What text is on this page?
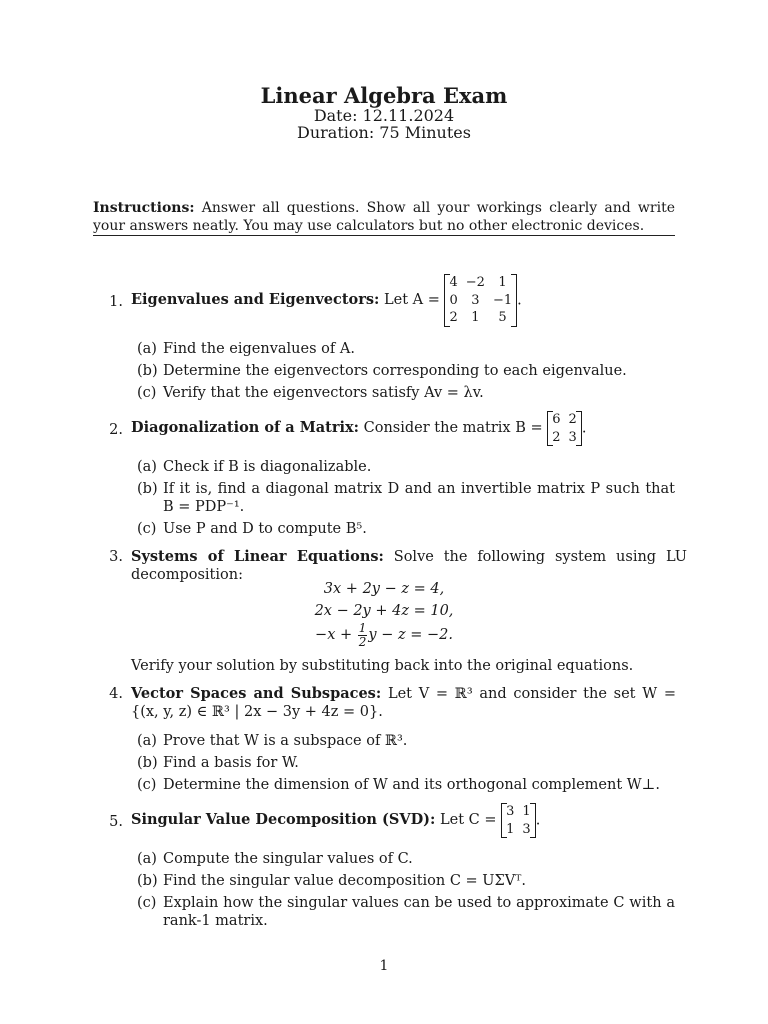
Linear Algebra Exam
Date: 12.11.2024
Duration: 75 Minutes
Instructions: Answer all questions. Show all your workings clearly and write your answers neatly. You may use calculators but no other electronic devices.
1. Eigenvalues and Eigenvectors: Let A =
4 −2	1
0	3	−1
2	1	5
.
(a) Find the eigenvalues of A.
(b) Determine the eigenvectors corresponding to each eigenvalue.
(c) Verify that the eigenvectors satisfy Av = λv.
2. Diagonalization of a Matrix: Consider the matrix B =
6 2
2 3
.
(a) Check if B is diagonalizable.
(b) If it is, find a diagonal matrix D and an invertible matrix P such that B = PDP⁻¹.
(c) Use P and D to compute B⁵.
3. Systems of Linear Equations: Solve the following system using LU decomposition:
3x + 2y − z = 4,
2x − 2y + 4z = 10,
$-x + \frac{1}{2}$ y − z = −2.
Verify your solution by substituting back into the original equations.
4. Vector Spaces and Subspaces: Let V = ℝ³ and consider the set W = {(x, y, z) ∈ ℝ³ | 2x − 3y + 4z = 0}.
(a) Prove that W is a subspace of ℝ³.
(b) Find a basis for W.
(c) Determine the dimension of W and its orthogonal complement W⊥.
5. Singular Value Decomposition (SVD): Let C =
3 1
1 3
.
(a) Compute the singular values of C.
(b) Find the singular value decomposition C = UΣVᵀ.
(c) Explain how the singular values can be used to approximate C with a rank-1 matrix.
1
